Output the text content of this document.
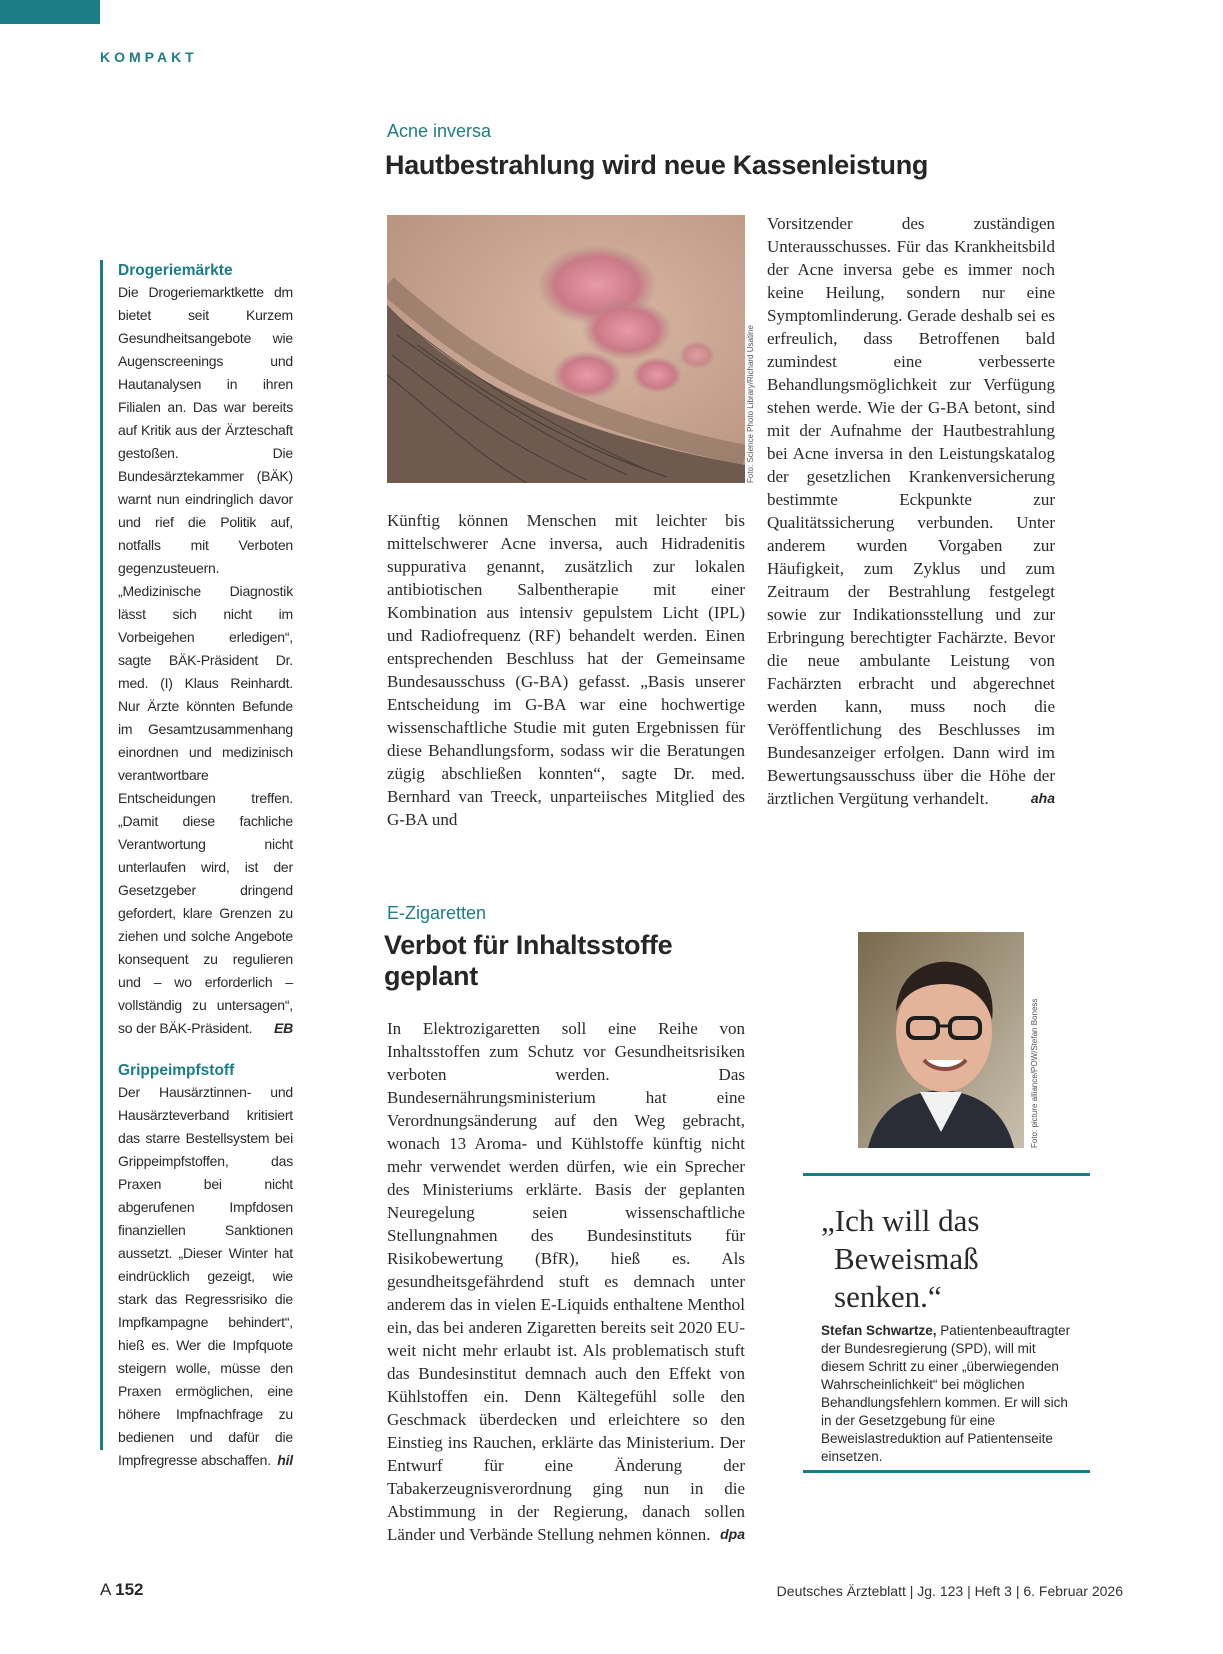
KOMPAKT
Drogeriemärkte
Die Drogeriemarktkette dm bietet seit Kurzem Gesundheitsangebote wie Augenscreenings und Hautanalysen in ihren Filialen an. Das war bereits auf Kritik aus der Ärzteschaft gestoßen. Die Bundesärztekammer (BÄK) warnt nun eindringlich davor und rief die Politik auf, notfalls mit Verboten gegenzusteuern. „Medizinische Diagnostik lässt sich nicht im Vorbeigehen erledigen“, sagte BÄK-Präsident Dr. med. (I) Klaus Reinhardt. Nur Ärzte könnten Befunde im Gesamtzusammenhang einordnen und medizinisch verantwortbare Entscheidungen treffen. „Damit diese fachliche Verantwortung nicht unterlaufen wird, ist der Gesetzgeber dringend gefordert, klare Grenzen zu ziehen und solche Angebote konsequent zu regulieren und – wo erforderlich – vollständig zu untersagen“, so der BÄK-Präsident. EB
Grippeimpfstoff
Der Hausärztinnen- und Hausärzteverband kritisiert das starre Bestellsystem bei Grippeimpfstoffen, das Praxen bei nicht abgerufenen Impfdosen finanziellen Sanktionen aussetzt. „Dieser Winter hat eindrücklich gezeigt, wie stark das Regressrisiko die Impfkampagne behindert“, hieß es. Wer die Impfquote steigern wolle, müsse den Praxen ermöglichen, eine höhere Impfnachfrage zu bedienen und dafür die Impfregresse abschaffen. hil
Acne inversa
Hautbestrahlung wird neue Kassenleistung
Foto: Science Photo Library/Richard Usatine
Künftig können Menschen mit leichter bis mittelschwerer Acne inversa, auch Hidradenitis suppurativa genannt, zusätzlich zur lokalen antibiotischen Salbentherapie mit einer Kombination aus intensiv gepulstem Licht (IPL) und Radiofrequenz (RF) behandelt werden. Einen entsprechenden Beschluss hat der Gemeinsame Bundesausschuss (G-BA) gefasst. „Basis unserer Entscheidung im G-BA war eine hochwertige wissenschaftliche Studie mit guten Ergebnissen für diese Behandlungsform, sodass wir die Beratungen zügig abschließen konnten“, sagte Dr. med. Bernhard van Treeck, unparteiisches Mitglied des G-BA und
Vorsitzender des zuständigen Unterausschusses. Für das Krankheitsbild der Acne inversa gebe es immer noch keine Heilung, sondern nur eine Symptomlinderung. Gerade deshalb sei es erfreulich, dass Betroffenen bald zumindest eine verbesserte Behandlungsmöglichkeit zur Verfügung stehen werde. Wie der G-BA betont, sind mit der Aufnahme der Hautbestrahlung bei Acne inversa in den Leistungskatalog der gesetzlichen Krankenversicherung bestimmte Eckpunkte zur Qualitätssicherung verbunden. Unter anderem wurden Vorgaben zur Häufigkeit, zum Zyklus und zum Zeitraum der Bestrahlung festgelegt sowie zur Indikationsstellung und zur Erbringung berechtigter Fachärzte. Bevor die neue ambulante Leistung von Fachärzten erbracht und abgerechnet werden kann, muss noch die Veröffentlichung des Beschlusses im Bundesanzeiger erfolgen. Dann wird im Bewertungsausschuss über die Höhe der ärztlichen Vergütung verhandelt.	aha
E-Zigaretten
Verbot für Inhaltsstoffe
geplant
In Elektrozigaretten soll eine Reihe von Inhaltsstoffen zum Schutz vor Gesundheitsrisiken verboten werden. Das Bundesernährungsministerium hat eine Verordnungsänderung auf den Weg gebracht, wonach 13 Aroma- und Kühlstoffe künftig nicht mehr verwendet werden dürfen, wie ein Sprecher des Ministeriums erklärte. Basis der geplanten Neuregelung seien wissenschaftliche Stellungnahmen des Bundesinstituts für Risikobewertung (BfR), hieß es. Als gesundheitsgefährdend stuft es demnach unter anderem das in vielen E-Liquids enthaltene Menthol ein, das bei anderen Zigaretten bereits seit 2020 EU-weit nicht mehr erlaubt ist. Als problematisch stuft das Bundesinstitut demnach auch den Effekt von Kühlstoffen ein. Denn Kältegefühl solle den Geschmack überdecken und erleichtere so den Einstieg ins Rauchen, erklärte das Ministerium. Der Entwurf für eine Änderung der Tabakerzeugnisverordnung ging nun in die Abstimmung in der Regierung, danach sollen Länder und Verbände Stellung nehmen können. dpa
Foto: picture alliance/POW/Stefan Boness
„Ich will das
Beweismaß
senken.“
Stefan Schwartze, Patientenbeauftragter der Bundesregierung (SPD), will mit diesem Schritt zu einer „überwiegenden Wahrscheinlichkeit“ bei möglichen Behandlungsfehlern kommen. Er will sich in der Gesetzgebung für eine Beweislastreduktion auf Patientenseite einsetzen.
A 152	Deutsches Ärzteblatt | Jg. 123 | Heft 3 | 6. Februar 2026
